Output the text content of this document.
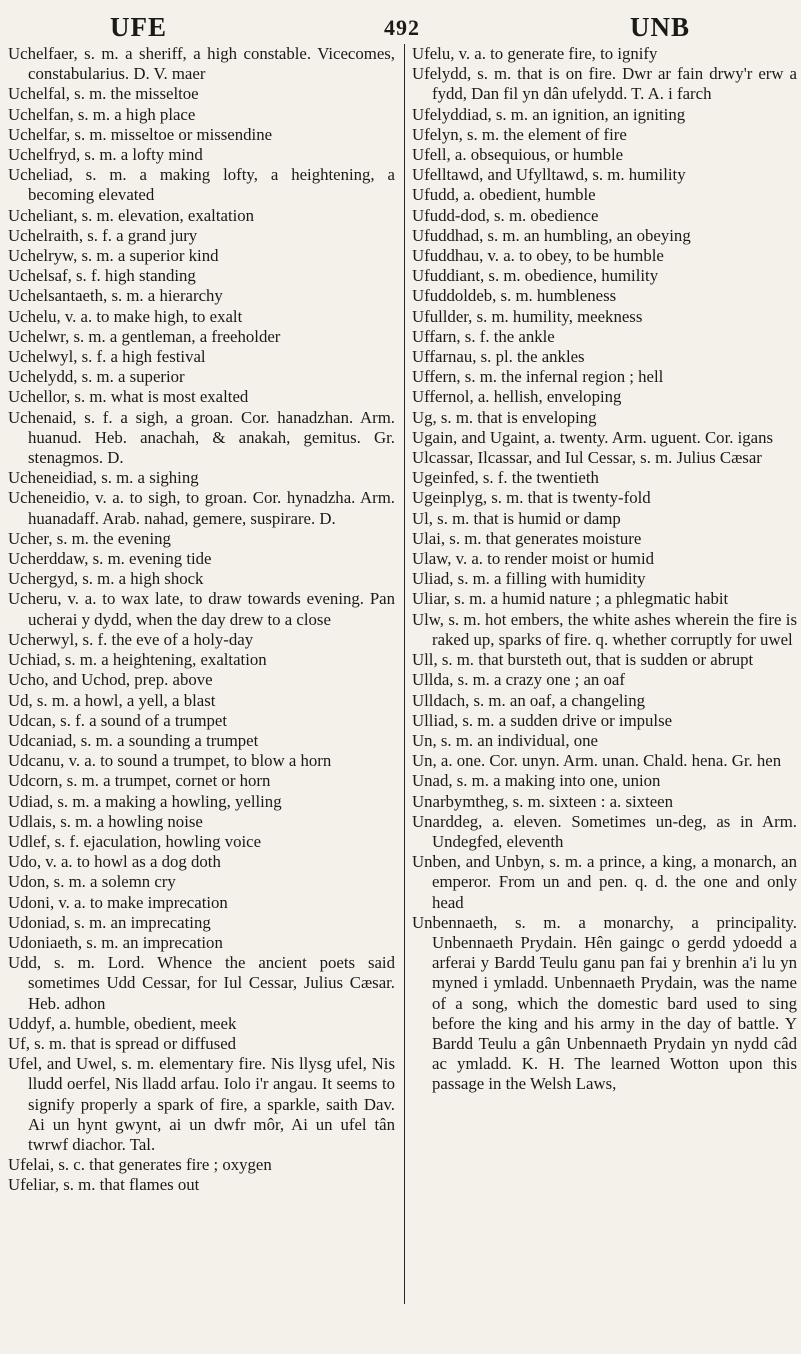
UFE	492	UNB

Uchelfaer, s. m. a sheriff, a high constable. Vicecomes, constabularius. D. V. maer

Uchelfal, s. m. the misseltoe

Uchelfan, s. m. a high place

Uchelfar, s. m. misseltoe or missendine

Uchelfryd, s. m. a lofty mind

Ucheliad, s. m. a making lofty, a heightening, a becoming elevated

Ucheliant, s. m. elevation, exaltation

Uchelraith, s. f. a grand jury

Uchelryw, s. m. a superior kind

Uchelsaf, s. f. high standing

Uchelsantaeth, s. m. a hierarchy

Uchelu, v. a. to make high, to exalt

Uchelwr, s. m. a gentleman, a freeholder

Uchelwyl, s. f. a high festival

Uchelydd, s. m. a superior

Uchellor, s. m. what is most exalted

Uchenaid, s. f. a sigh, a groan. Cor. hanadzhan. Arm. huanud. Heb. anachah, & anakah, gemitus. Gr. stenagmos. D.

Ucheneidiad, s. m. a sighing

Ucheneidio, v. a. to sigh, to groan. Cor. hynadzha. Arm. huanadaff. Arab. nahad, gemere, suspirare. D.

Ucher, s. m. the evening

Ucherddaw, s. m. evening tide

Uchergyd, s. m. a high shock

Ucheru, v. a. to wax late, to draw towards evening. Pan ucherai y dydd, when the day drew to a close

Ucherwyl, s. f. the eve of a holy-day

Uchiad, s. m. a heightening, exaltation

Ucho, and Uchod, prep. above

Ud, s. m. a howl, a yell, a blast

Udcan, s. f. a sound of a trumpet

Udcaniad, s. m. a sounding a trumpet

Udcanu, v. a. to sound a trumpet, to blow a horn

Udcorn, s. m. a trumpet, cornet or horn

Udiad, s. m. a making a howling, yelling

Udlais, s. m. a howling noise

Udlef, s. f. ejaculation, howling voice

Udo, v. a. to howl as a dog doth

Udon, s. m. a solemn cry

Udoni, v. a. to make imprecation

Udoniad, s. m. an imprecating

Udoniaeth, s. m. an imprecation

Udd, s. m. Lord. Whence the ancient poets said sometimes Udd Cessar, for Iul Cessar, Julius Cæsar. Heb. adhon

Uddyf, a. humble, obedient, meek

Uf, s. m. that is spread or diffused

Ufel, and Uwel, s. m. elementary fire. Nis llysg ufel, Nis lludd oerfel, Nis lladd arfau. Iolo i'r angau. It seems to signify properly a spark of fire, a sparkle, saith Dav. Ai un hynt gwynt, ai un dwfr môr, Ai un ufel tân twrwf diachor. Tal.

Ufelai, s. c. that generates fire ; oxygen

Ufeliar, s. m. that flames out

Ufelu, v. a. to generate fire, to ignify

Ufelydd, s. m. that is on fire. Dwr ar fain drwy'r erw a fydd, Dan fil yn dân ufelydd. T. A. i farch

Ufelyddiad, s. m. an ignition, an igniting

Ufelyn, s. m. the element of fire

Ufell, a. obsequious, or humble

Ufelltawd, and Ufylltawd, s. m. humility

Ufudd, a. obedient, humble

Ufudd-dod, s. m. obedience

Ufuddhad, s. m. an humbling, an obeying

Ufuddhau, v. a. to obey, to be humble

Ufuddiant, s. m. obedience, humility

Ufuddoldeb, s. m. humbleness

Ufullder, s. m. humility, meekness

Uffarn, s. f. the ankle

Uffarnau, s. pl. the ankles

Uffern, s. m. the infernal region ; hell

Uffernol, a. hellish, enveloping

Ug, s. m. that is enveloping

Ugain, and Ugaint, a. twenty. Arm. uguent. Cor. igans

Ulcassar, Ilcassar, and Iul Cessar, s. m. Julius Cæsar

Ugeinfed, s. f. the twentieth

Ugeinplyg, s. m. that is twenty-fold

Ul, s. m. that is humid or damp

Ulai, s. m. that generates moisture

Ulaw, v. a. to render moist or humid

Uliad, s. m. a filling with humidity

Uliar, s. m. a humid nature ; a phlegmatic habit

Ulw, s. m. hot embers, the white ashes wherein the fire is raked up, sparks of fire. q. whether corruptly for uwel

Ull, s. m. that bursteth out, that is sudden or abrupt

Ullda, s. m. a crazy one ; an oaf

Ulldach, s. m. an oaf, a changeling

Ulliad, s. m. a sudden drive or impulse

Un, s. m. an individual, one

Un, a. one. Cor. unyn. Arm. unan. Chald. hena. Gr. hen

Unad, s. m. a making into one, union

Unarbymtheg, s. m. sixteen : a. sixteen

Unarddeg, a. eleven. Sometimes un-deg, as in Arm. Undegfed, eleventh

Unben, and Unbyn, s. m. a prince, a king, a monarch, an emperor. From un and pen. q. d. the one and only head

Unbennaeth, s. m. a monarchy, a principality. Unbennaeth Prydain. Hên gaingc o gerdd ydoedd a arferai y Bardd Teulu ganu pan fai y brenhin a'i lu yn myned i ymladd. Unbennaeth Prydain, was the name of a song, which the domestic bard used to sing before the king and his army in the day of battle. Y Bardd Teulu a gân Unbennaeth Prydain yn nydd câd ac ymladd. K. H. The learned Wotton upon this passage in the Welsh Laws,
